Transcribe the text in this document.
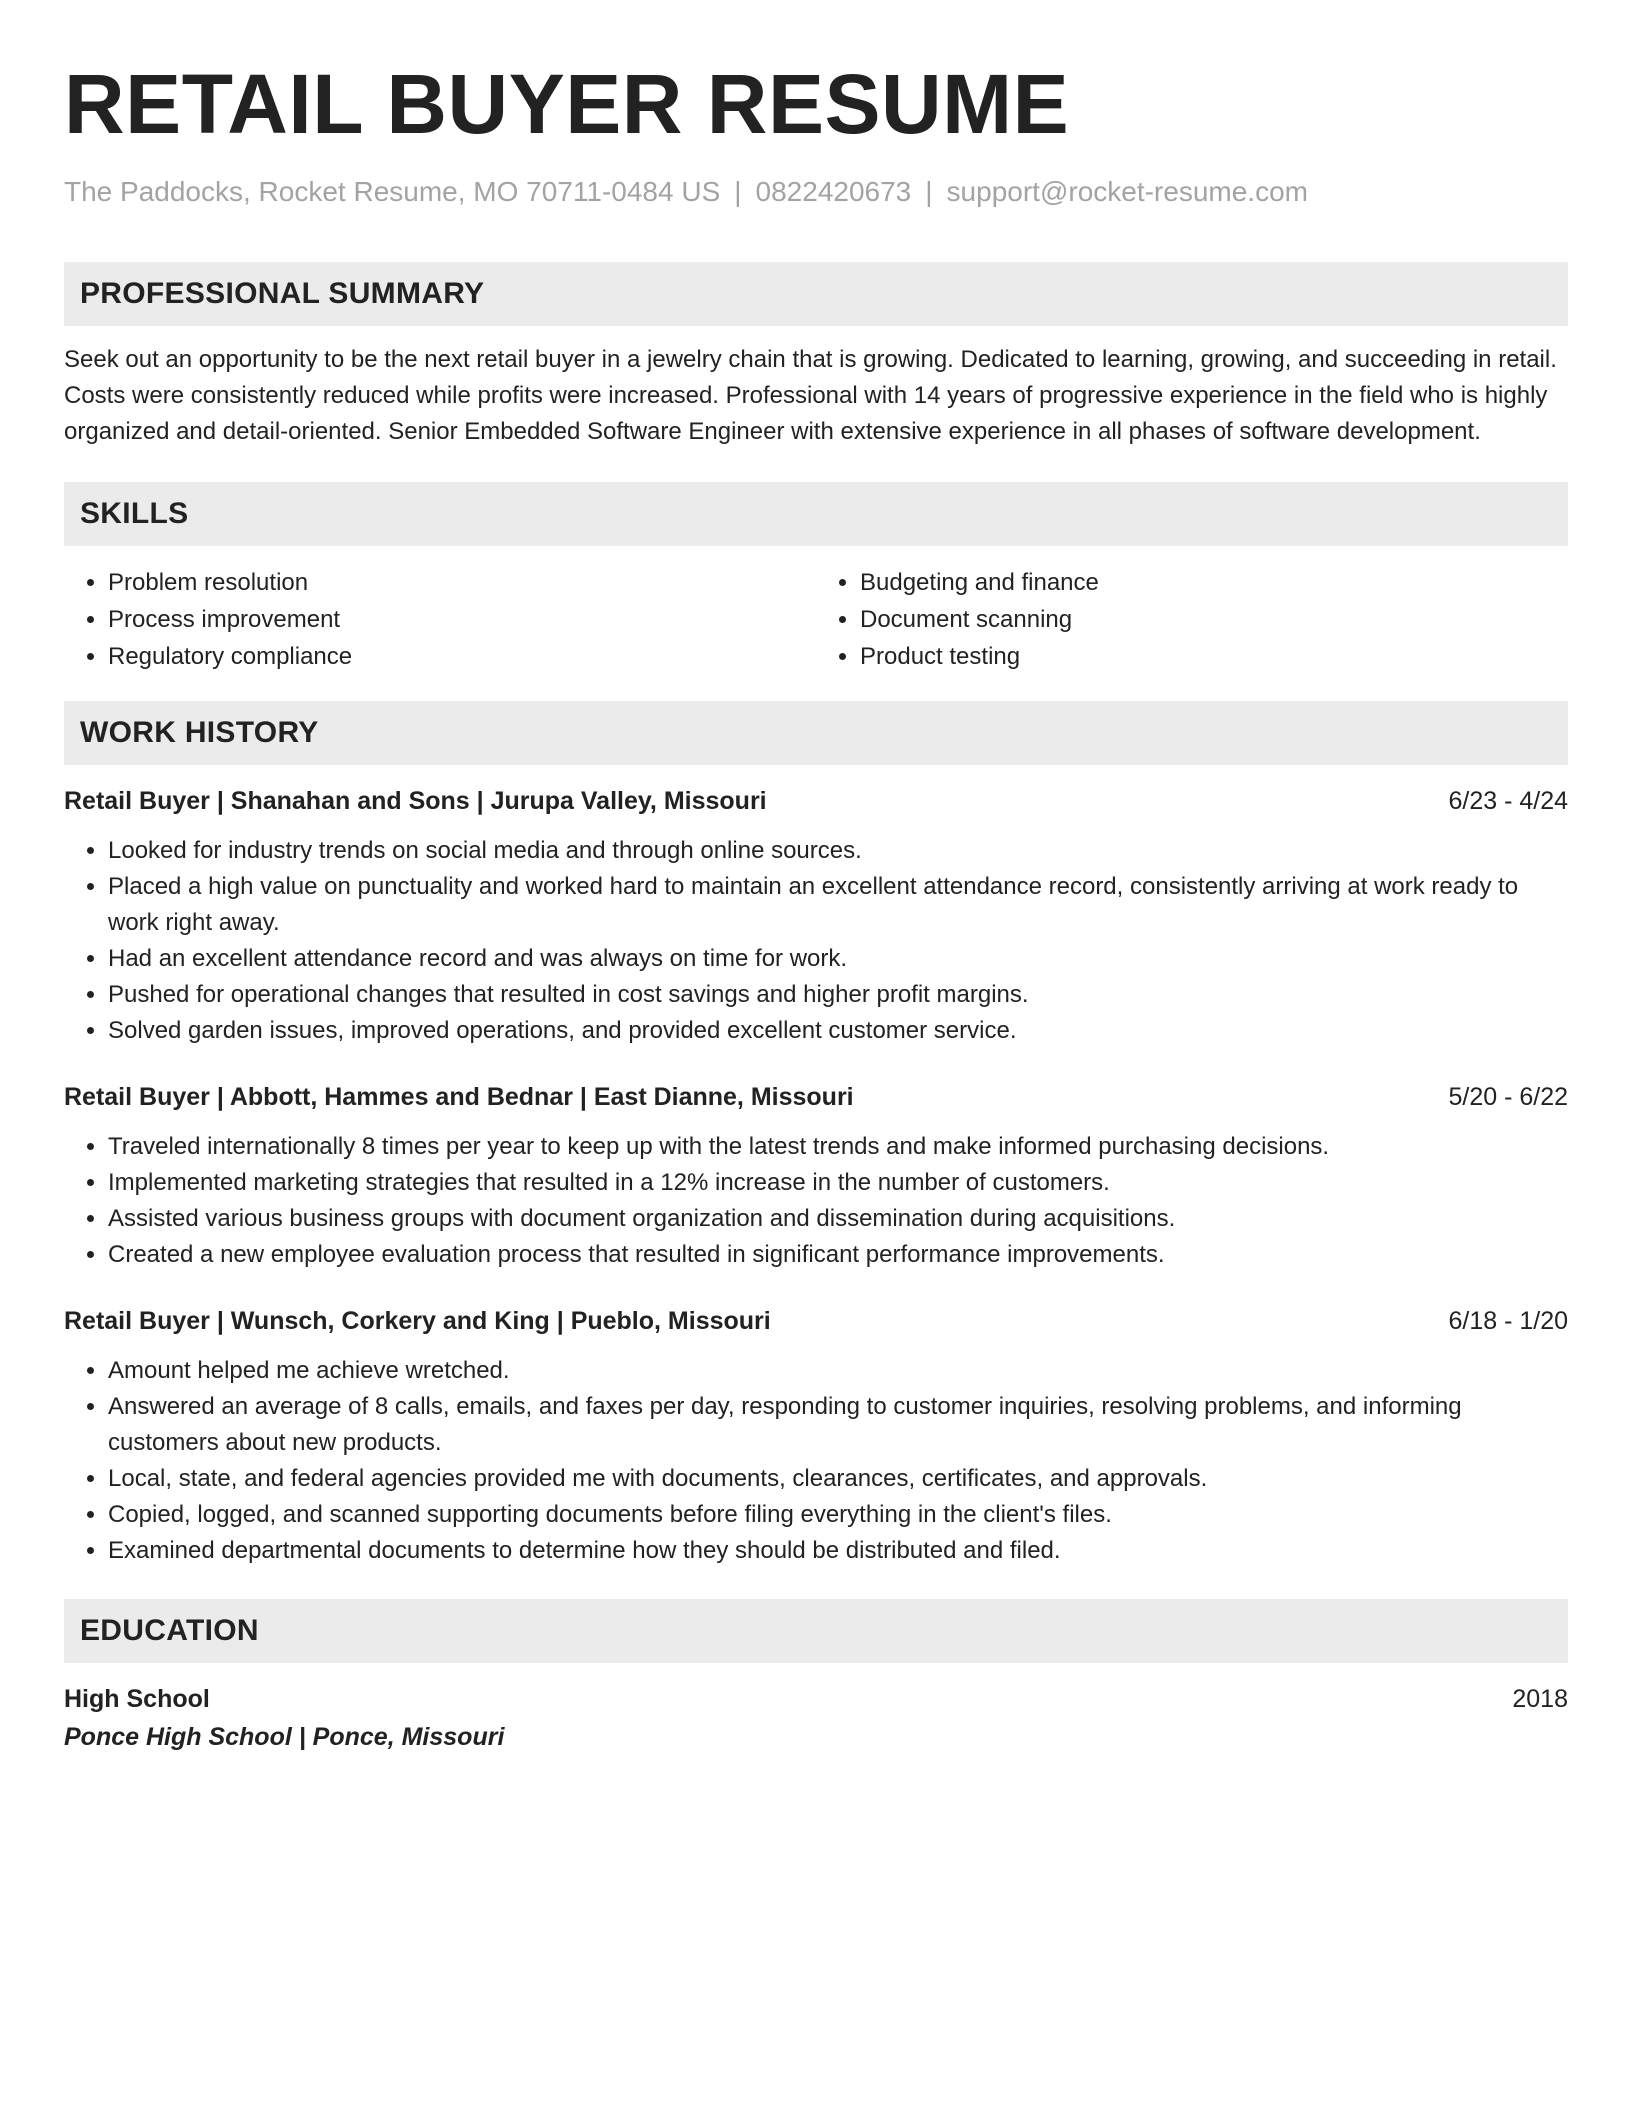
RETAIL BUYER RESUME
The Paddocks, Rocket Resume, MO 70711-0484 US | 0822420673 | support@rocket-resume.com
PROFESSIONAL SUMMARY
Seek out an opportunity to be the next retail buyer in a jewelry chain that is growing. Dedicated to learning, growing, and succeeding in retail. Costs were consistently reduced while profits were increased. Professional with 14 years of progressive experience in the field who is highly organized and detail-oriented. Senior Embedded Software Engineer with extensive experience in all phases of software development.
SKILLS
• Problem resolution
• Process improvement
• Regulatory compliance
• Budgeting and finance
• Document scanning
• Product testing
WORK HISTORY
Retail Buyer | Shanahan and Sons | Jurupa Valley, Missouri	6/23 - 4/24
• Looked for industry trends on social media and through online sources.
• Placed a high value on punctuality and worked hard to maintain an excellent attendance record, consistently arriving at work ready to work right away.
• Had an excellent attendance record and was always on time for work.
• Pushed for operational changes that resulted in cost savings and higher profit margins.
• Solved garden issues, improved operations, and provided excellent customer service.
Retail Buyer | Abbott, Hammes and Bednar | East Dianne, Missouri	5/20 - 6/22
• Traveled internationally 8 times per year to keep up with the latest trends and make informed purchasing decisions.
• Implemented marketing strategies that resulted in a 12% increase in the number of customers.
• Assisted various business groups with document organization and dissemination during acquisitions.
• Created a new employee evaluation process that resulted in significant performance improvements.
Retail Buyer | Wunsch, Corkery and King | Pueblo, Missouri	6/18 - 1/20
• Amount helped me achieve wretched.
• Answered an average of 8 calls, emails, and faxes per day, responding to customer inquiries, resolving problems, and informing customers about new products.
• Local, state, and federal agencies provided me with documents, clearances, certificates, and approvals.
• Copied, logged, and scanned supporting documents before filing everything in the client's files.
• Examined departmental documents to determine how they should be distributed and filed.
EDUCATION
High School	2018
Ponce High School | Ponce, Missouri
